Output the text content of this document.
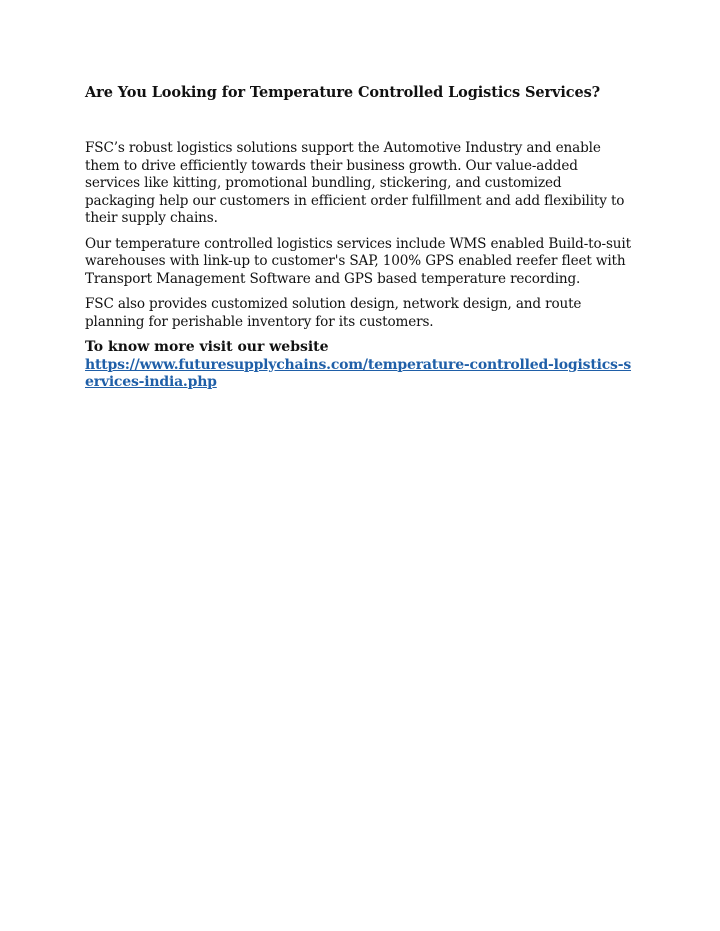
Are You Looking for Temperature Controlled Logistics Services?

FSC’s robust logistics solutions support the Automotive Industry and enable them to drive efficiently towards their business growth. Our value-added services like kitting, promotional bundling, stickering, and customized packaging help our customers in efficient order fulfillment and add flexibility to their supply chains.

Our temperature controlled logistics services include WMS enabled Build-to-suit warehouses with link-up to customer's SAP, 100% GPS enabled reefer fleet with Transport Management Software and GPS based temperature recording.

FSC also provides customized solution design, network design, and route planning for perishable inventory for its customers.

To know more visit our website
https://www.futuresupplychains.com/temperature-controlled-logistics-services-india.php
